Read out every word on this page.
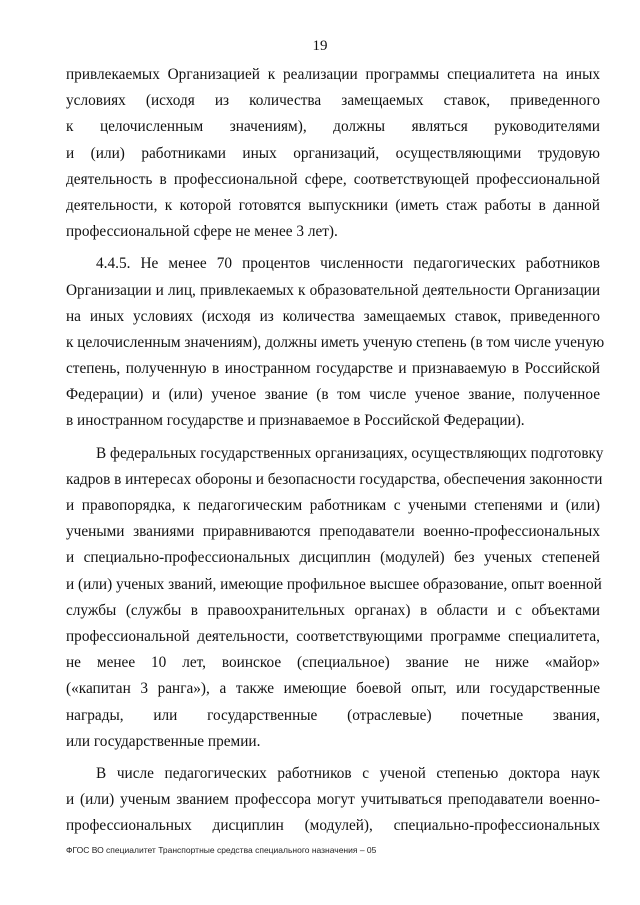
19
привлекаемых Организацией к реализации программы специалитета на иных
условиях (исходя из количества замещаемых ставок, приведенного
к целочисленным значениям), должны являться руководителями
и (или) работниками иных организаций, осуществляющими трудовую
деятельность в профессиональной сфере, соответствующей профессиональной
деятельности, к которой готовятся выпускники (иметь стаж работы в данной
профессиональной сфере не менее 3 лет).
4.4.5. Не менее 70 процентов численности педагогических работников
Организации и лиц, привлекаемых к образовательной деятельности Организации
на иных условиях (исходя из количества замещаемых ставок, приведенного
к целочисленным значениям), должны иметь ученую степень (в том числе ученую
степень, полученную в иностранном государстве и признаваемую в Российской
Федерации) и (или) ученое звание (в том числе ученое звание, полученное
в иностранном государстве и признаваемое в Российской Федерации).
В федеральных государственных организациях, осуществляющих подготовку
кадров в интересах обороны и безопасности государства, обеспечения законности
и правопорядка, к педагогическим работникам с учеными степенями и (или)
учеными званиями приравниваются преподаватели военно-профессиональных
и специально-профессиональных дисциплин (модулей) без ученых степеней
и (или) ученых званий, имеющие профильное высшее образование, опыт военной
службы (службы в правоохранительных органах) в области и с объектами
профессиональной деятельности, соответствующими программе специалитета,
не менее 10 лет, воинское (специальное) звание не ниже «майор»
(«капитан 3 ранга»), а также имеющие боевой опыт, или государственные
награды, или государственные (отраслевые) почетные звания,
или государственные премии.
В числе педагогических работников с ученой степенью доктора наук
и (или) ученым званием профессора могут учитываться преподаватели военно-
профессиональных дисциплин (модулей), специально-профессиональных
ФГОС ВО специалитет Транспортные средства специального назначения – 05
